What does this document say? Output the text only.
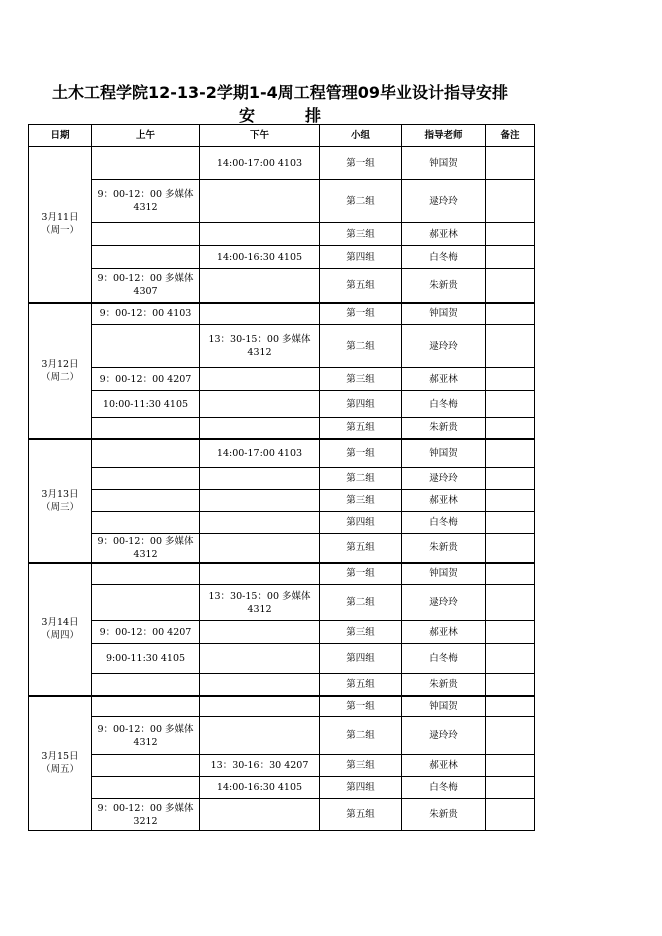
土木工程学院12-13-2学期1-4周工程管理09毕业设计指导安排
安	排
日期	上午	下午	小组	指导老师	备注

3月11日
（周一）		14:00-17:00 4103	第一组	钟国贺	
	9：00-12：00 多媒体4312		第二组	逯玲玲	
			第三组	郝亚林	
		14:00-16:30 4105	第四组	白冬梅	
	9：00-12：00 多媒体 4307		第五组	朱新贵	

3月12日
（周二）	9：00-12：00 4103		第一组	钟国贺	
		13：30-15：00 多媒体4312	第二组	逯玲玲	
	9：00-12：00 4207		第三组	郝亚林	
	10:00-11:30 4105		第四组	白冬梅	
			第五组	朱新贵	

3月13日
（周三）		14:00-17:00 4103	第一组	钟国贺	
			第二组	逯玲玲	
			第三组	郝亚林	
			第四组	白冬梅	
	9：00-12：00 多媒体4312		第五组	朱新贵	

3月14日
（周四）			第一组	钟国贺	
		13：30-15：00 多媒体4312	第二组	逯玲玲	
	9：00-12：00 4207		第三组	郝亚林	
	9:00-11:30 4105		第四组	白冬梅	
			第五组	朱新贵	

3月15日
（周五）			第一组	钟国贺	
	9：00-12：00 多媒体 4312		第二组	逯玲玲	
		13：30-16：30 4207	第三组	郝亚林	
		14:00-16:30 4105	第四组	白冬梅	
	9：00-12：00 多媒体 3212		第五组	朱新贵	
